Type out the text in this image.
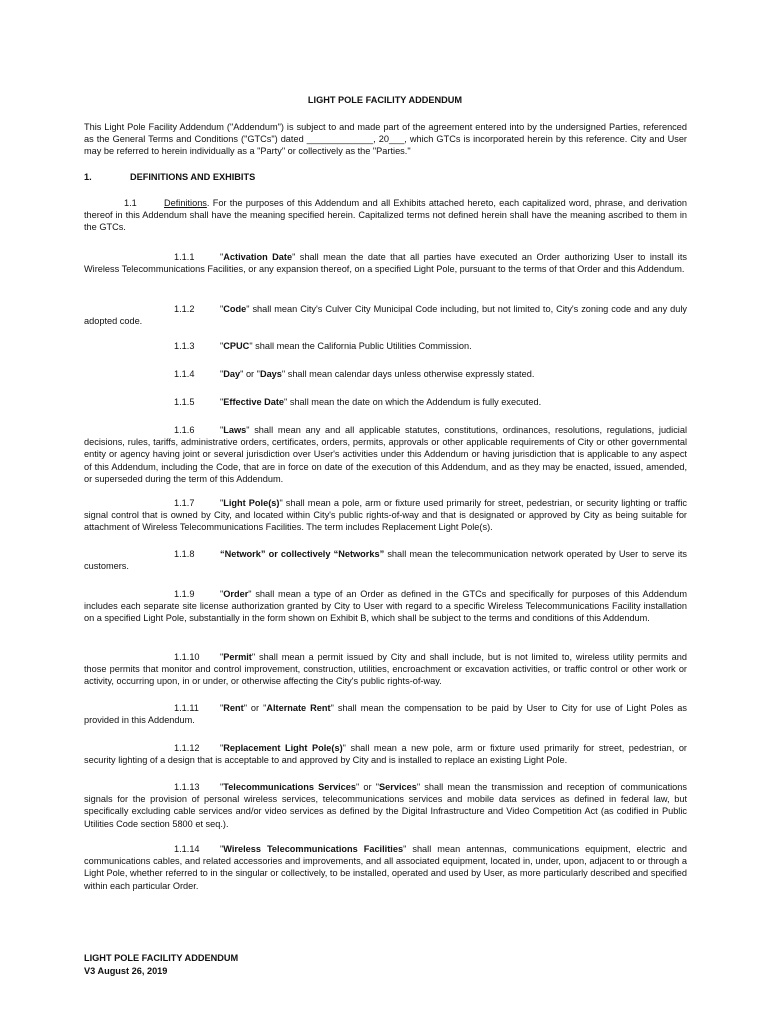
LIGHT POLE FACILITY ADDENDUM
This Light Pole Facility Addendum ("Addendum") is subject to and made part of the agreement entered into by the undersigned Parties, referenced as the General Terms and Conditions ("GTCs") dated _____________, 20___, which GTCs is incorporated herein by this reference. City and User may be referred to herein individually as a "Party" or collectively as the "Parties."
1.	DEFINITIONS AND EXHIBITS
1.1	Definitions. For the purposes of this Addendum and all Exhibits attached hereto, each capitalized word, phrase, and derivation thereof in this Addendum shall have the meaning specified herein. Capitalized terms not defined herein shall have the meaning ascribed to them in the GTCs.
1.1.1	"Activation Date" shall mean the date that all parties have executed an Order authorizing User to install its Wireless Telecommunications Facilities, or any expansion thereof, on a specified Light Pole, pursuant to the terms of that Order and this Addendum.
1.1.2	"Code" shall mean City's Culver City Municipal Code including, but not limited to, City's zoning code and any duly adopted code.
1.1.3	"CPUC" shall mean the California Public Utilities Commission.
1.1.4	"Day" or "Days" shall mean calendar days unless otherwise expressly stated.
1.1.5	"Effective Date" shall mean the date on which the Addendum is fully executed.
1.1.6	"Laws" shall mean any and all applicable statutes, constitutions, ordinances, resolutions, regulations, judicial decisions, rules, tariffs, administrative orders, certificates, orders, permits, approvals or other applicable requirements of City or other governmental entity or agency having joint or several jurisdiction over User's activities under this Addendum or having jurisdiction that is applicable to any aspect of this Addendum, including the Code, that are in force on date of the execution of this Addendum, and as they may be enacted, issued, amended, or superseded during the term of this Addendum.
1.1.7	"Light Pole(s)" shall mean a pole, arm or fixture used primarily for street, pedestrian, or security lighting or traffic signal control that is owned by City, and located within City's public rights-of-way and that is designated or approved by City as being suitable for attachment of Wireless Telecommunications Facilities. The term includes Replacement Light Pole(s).
1.1.8	“Network” or collectively “Networks” shall mean the telecommunication network operated by User to serve its customers.
1.1.9	"Order" shall mean a type of an Order as defined in the GTCs and specifically for purposes of this Addendum includes each separate site license authorization granted by City to User with regard to a specific Wireless Telecommunications Facility installation on a specified Light Pole, substantially in the form shown on Exhibit B, which shall be subject to the terms and conditions of this Addendum.
1.1.10 "Permit" shall mean a permit issued by City and shall include, but is not limited to, wireless utility permits and those permits that monitor and control improvement, construction, utilities, encroachment or excavation activities, or traffic control or other work or activity, occurring upon, in or under, or otherwise affecting the City's public rights-of-way.
1.1.11 "Rent" or "Alternate Rent" shall mean the compensation to be paid by User to City for use of Light Poles as provided in this Addendum.
1.1.12 "Replacement Light Pole(s)" shall mean a new pole, arm or fixture used primarily for street, pedestrian, or security lighting of a design that is acceptable to and approved by City and is installed to replace an existing Light Pole.
1.1.13 "Telecommunications Services" or "Services" shall mean the transmission and reception of communications signals for the provision of personal wireless services, telecommunications services and mobile data services as defined in federal law, but specifically excluding cable services and/or video services as defined by the Digital Infrastructure and Video Competition Act (as codified in Public Utilities Code section 5800 et seq.).
1.1.14 "Wireless Telecommunications Facilities" shall mean antennas, communications equipment, electric and communications cables, and related accessories and improvements, and all associated equipment, located in, under, upon, adjacent to or through a Light Pole, whether referred to in the singular or collectively, to be installed, operated and used by User, as more particularly described and specified within each particular Order.
LIGHT POLE FACILITY ADDENDUM
V3 August 26, 2019
